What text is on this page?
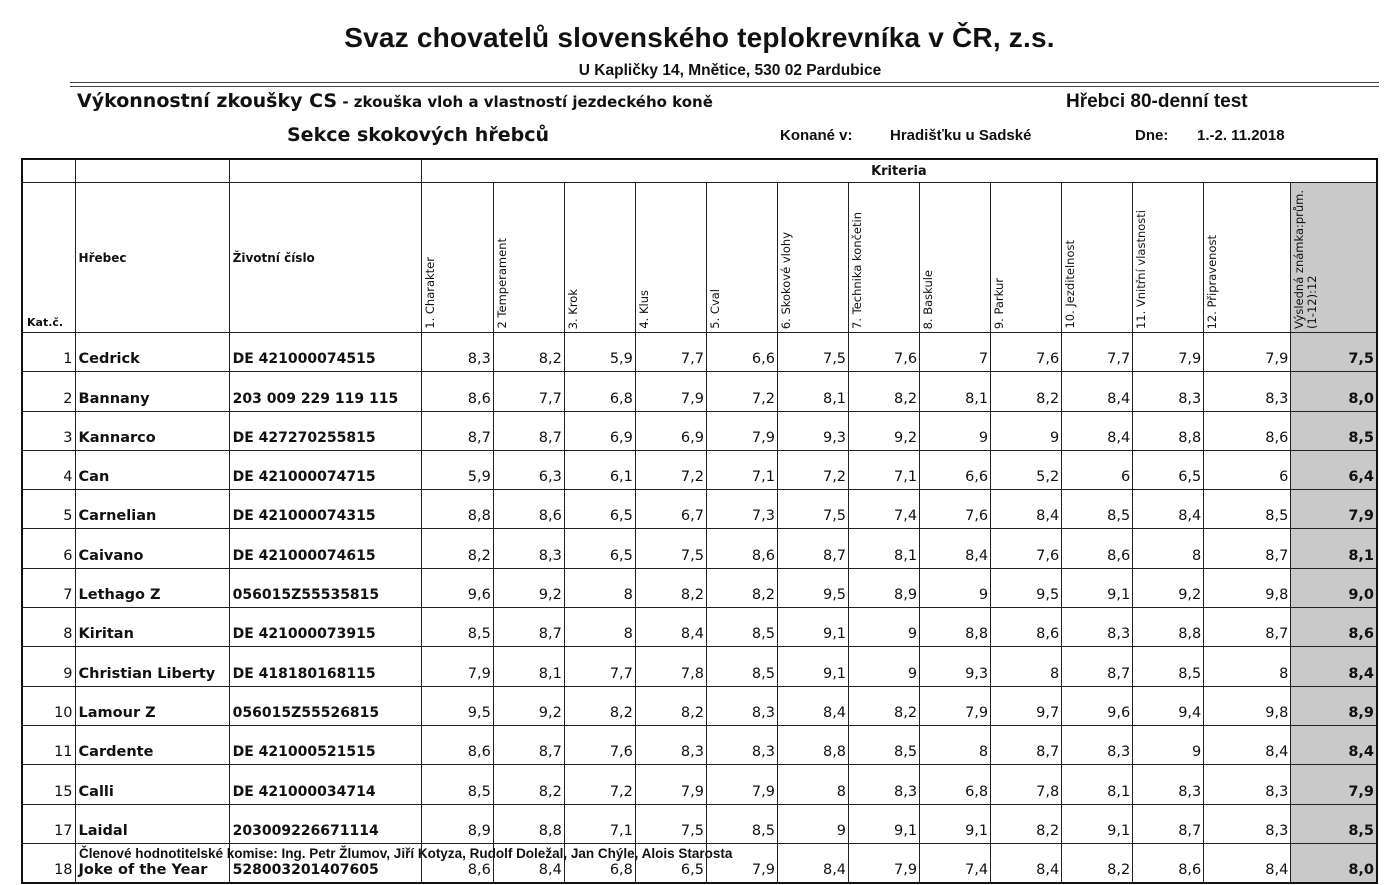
Svaz chovatelů slovenského teplokrevníka v ČR, z.s.
U Kapličky 14, Mnětice, 530 02 Pardubice
Výkonnostní zkoušky CS - zkouška vloh a vlastností jezdeckého koně	Hřebci 80-denní test
Sekce skokových hřebců	Konané v: Hradišťku u Sadské	Dne: 1.-2. 11.2018
			Kriteria												
Kat.č.	Hřebec	Životní číslo	1. Charakter	2 Temperament	3. Krok	4. Klus	5. Cval	6. Skokové vlohy	7. Technika končetin	8. Baskule	9. Parkur	10. Jezditelnost	11. Vnitřní vlastnosti	12. Připravenost	Výsledná známka:prům. (1-12):12

1	Cedrick	DE 421000074515	8,3	8,2	5,9	7,7	6,6	7,5	7,6	7	7,6	7,7	7,9	7,9	7,5
2	Bannany	203 009 229 119 115	8,6	7,7	6,8	7,9	7,2	8,1	8,2	8,1	8,2	8,4	8,3	8,3	8,0
3	Kannarco	DE 427270255815	8,7	8,7	6,9	6,9	7,9	9,3	9,2	9	9	8,4	8,8	8,6	8,5
4	Can	DE 421000074715	5,9	6,3	6,1	7,2	7,1	7,2	7,1	6,6	5,2	6	6,5	6	6,4
5	Carnelian	DE 421000074315	8,8	8,6	6,5	6,7	7,3	7,5	7,4	7,6	8,4	8,5	8,4	8,5	7,9
6	Caivano	DE 421000074615	8,2	8,3	6,5	7,5	8,6	8,7	8,1	8,4	7,6	8,6	8	8,7	8,1
7	Lethago Z	056015Z55535815	9,6	9,2	8	8,2	8,2	9,5	8,9	9	9,5	9,1	9,2	9,8	9,0
8	Kiritan	DE 421000073915	8,5	8,7	8	8,4	8,5	9,1	9	8,8	8,6	8,3	8,8	8,7	8,6
9	Christian Liberty	DE 418180168115	7,9	8,1	7,7	7,8	8,5	9,1	9	9,3	8	8,7	8,5	8	8,4
10	Lamour Z	056015Z55526815	9,5	9,2	8,2	8,2	8,3	8,4	8,2	7,9	9,7	9,6	9,4	9,8	8,9
11	Cardente	DE 421000521515	8,6	8,7	7,6	8,3	8,3	8,8	8,5	8	8,7	8,3	9	8,4	8,4
15	Calli	DE 421000034714	8,5	8,2	7,2	7,9	7,9	8	8,3	6,8	7,8	8,1	8,3	8,3	7,9
17	Laidal	203009226671114	8,9	8,8	7,1	7,5	8,5	9	9,1	9,1	8,2	9,1	8,7	8,3	8,5
18	Joke of the Year	528003201407605	8,6	8,4	6,8	6,5	7,9	8,4	7,9	7,4	8,4	8,2	8,6	8,4	8,0
Členové hodnotitelské komise: Ing. Petr Žlumov, Jiří Kotyza, Rudolf Doležal, Jan Chýle, Alois Starosta
